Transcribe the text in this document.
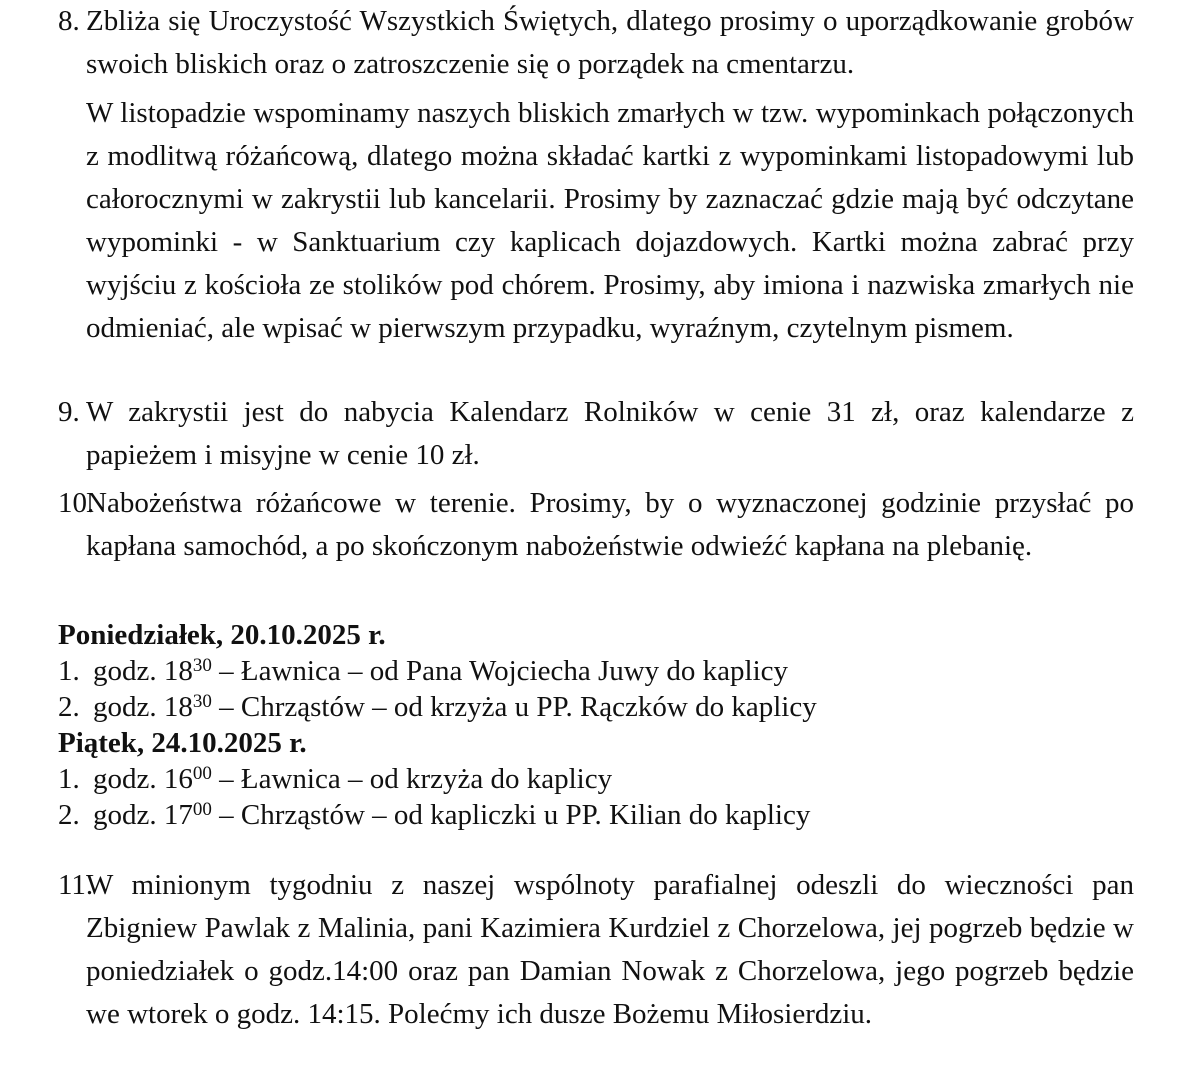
8. Zbliża się Uroczystość Wszystkich Świętych, dlatego prosimy o uporządkowanie grobów swoich bliskich oraz o zatroszczenie się o porządek na cmentarzu.
W listopadzie wspominamy naszych bliskich zmarłych w tzw. wypominkach połączonych z modlitwą różańcową, dlatego można składać kartki z wypominkami listopadowymi lub całorocznymi w zakrystii lub kancelarii. Prosimy by zaznaczać gdzie mają być odczytane wypominki - w Sanktuarium czy kaplicach dojazdowych. Kartki można zabrać przy wyjściu z kościoła ze stolików pod chórem. Prosimy, aby imiona i nazwiska zmarłych nie odmieniać, ale wpisać w pierwszym przypadku, wyraźnym, czytelnym pismem.
9. W zakrystii jest do nabycia Kalendarz Rolników w cenie 31 zł, oraz kalendarze z papieżem i misyjne w cenie 10 zł.
10.
Nabożeństwa różańcowe w terenie. Prosimy, by o wyznaczonej godzinie przysłać po kapłana samochód, a po skończonym nabożeństwie odwieźć kapłana na plebanię.
Poniedziałek, 20.10.2025 r.
1. godz. $18^{30}$ – Ławnica – od Pana Wojciecha Juwy do kaplicy
2. godz. $18^{30}$ – Chrząstów – od krzyża u PP. Rączków do kaplicy
Piątek, 24.10.2025 r.
1. godz. $16^{00}$ – Ławnica – od krzyża do kaplicy
2. godz. $17^{00}$ – Chrząstów – od kapliczki u PP. Kilian do kaplicy
11.
W minionym tygodniu z naszej wspólnoty parafialnej odeszli do wieczności pan Zbigniew Pawlak z Malinia, pani Kazimiera Kurdziel z Chorzelowa, jej pogrzeb będzie w poniedziałek o godz.14:00 oraz pan Damian Nowak z Chorzelowa, jego pogrzeb będzie we wtorek o godz. 14:15. Polećmy ich dusze Bożemu Miłosierdziu.
